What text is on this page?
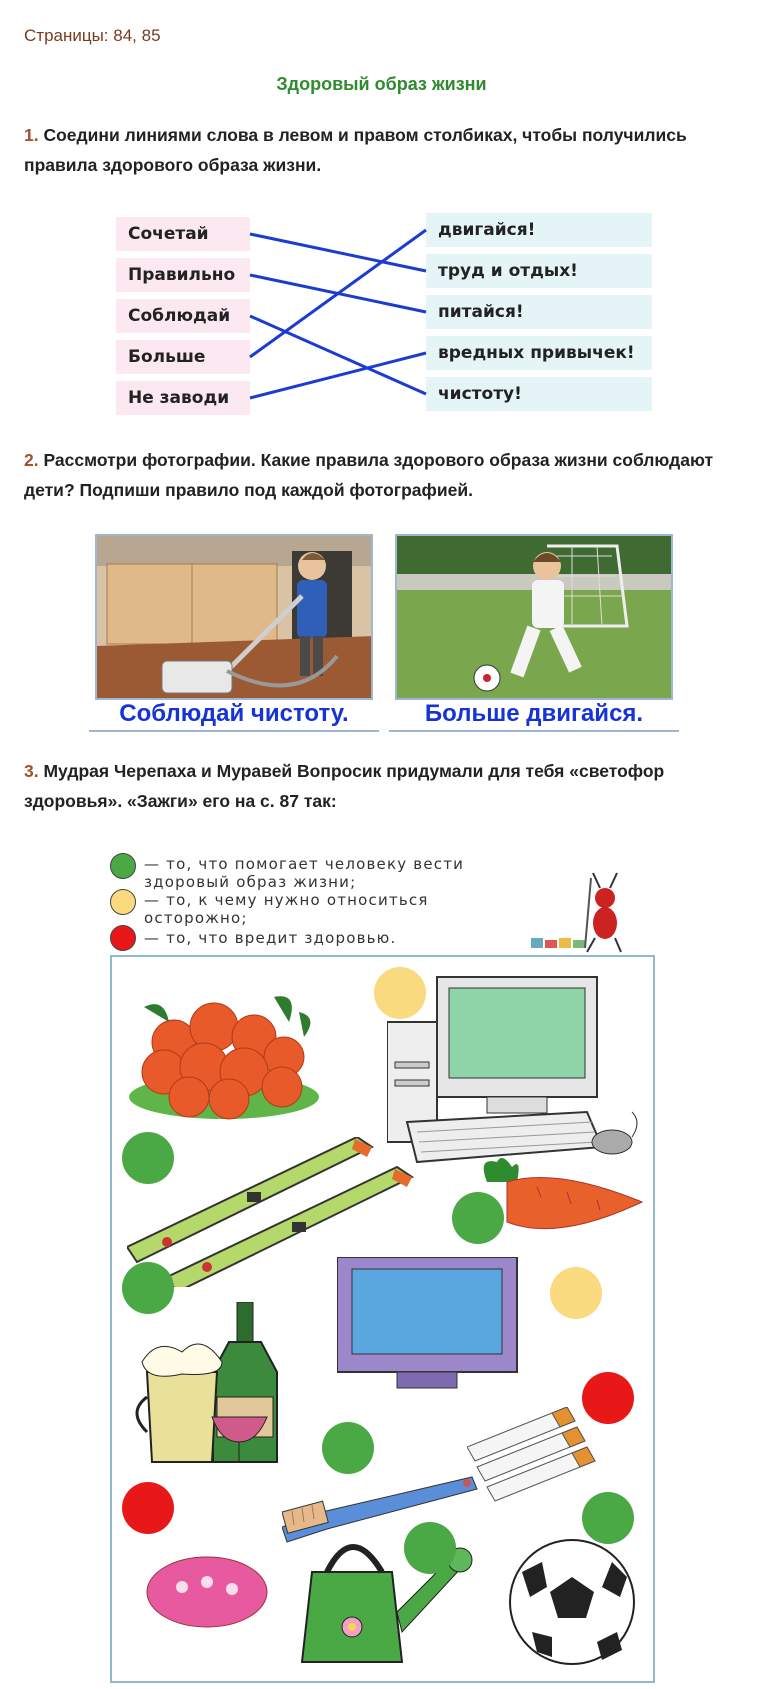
Страницы: 84, 85
Здоровый образ жизни
1. Соедини линиями слова в левом и правом столбиках, чтобы получились правила здорового образа жизни.
Сочетай
Правильно
Соблюдай
Больше
Не заводи
двигайся!
труд и отдых!
питайся!
вредных привычек!
чистоту!
2. Рассмотри фотографии. Какие правила здорового образа жизни соблюдают дети? Подпиши правило под каждой фотографией.
Соблюдай чистоту.	Больше двигайся.
3. Мудрая Черепаха и Муравей Вопросик придумали для тебя «светофор здоровья». «Зажги» его на с. 87 так:
— то, что помогает человеку вести здоровый образ жизни;
— то, к чему нужно относиться осторожно;
— то, что вредит здоровью.
